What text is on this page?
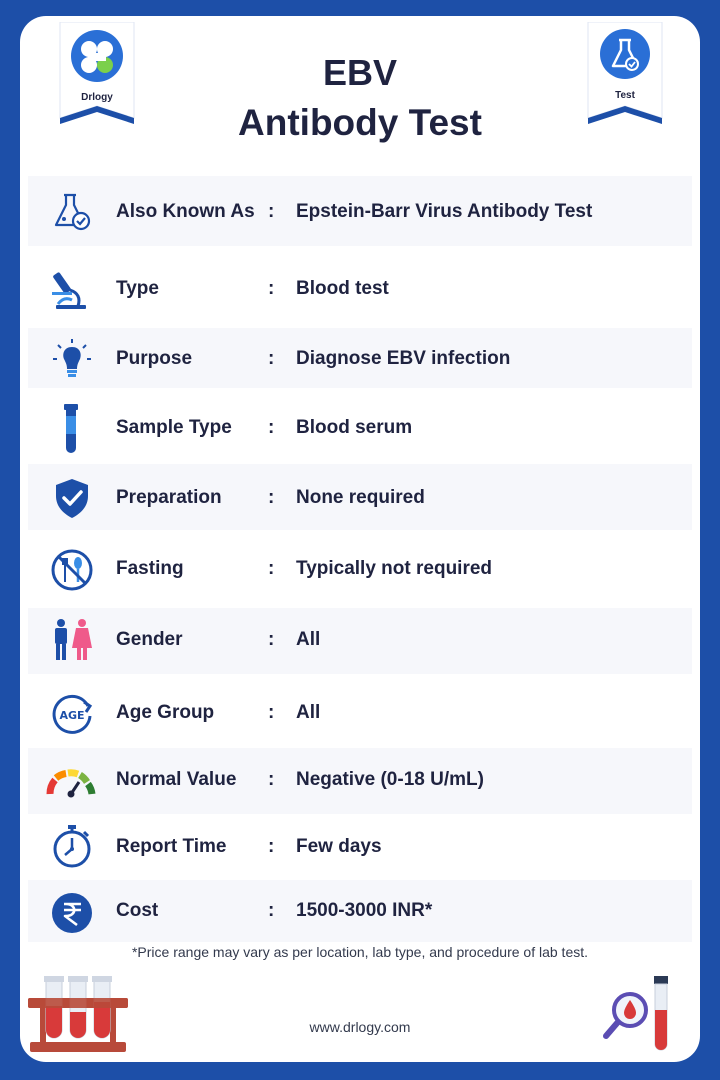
Drlogy	Test
EBV
Antibody Test
Also Known As : Epstein-Barr Virus Antibody Test
Type	: Blood test
Purpose	: Diagnose EBV infection
Sample Type : Blood serum
Preparation : None required
Fasting	: Typically not required
Gender	: All
AGE Age Group	: All
Normal Value : Negative (0-18 U/mL)
Report Time : Few days
Cost	: 1500-3000 INR*
*Price range may vary as per location, lab type, and procedure of lab test.
www.drlogy.com
